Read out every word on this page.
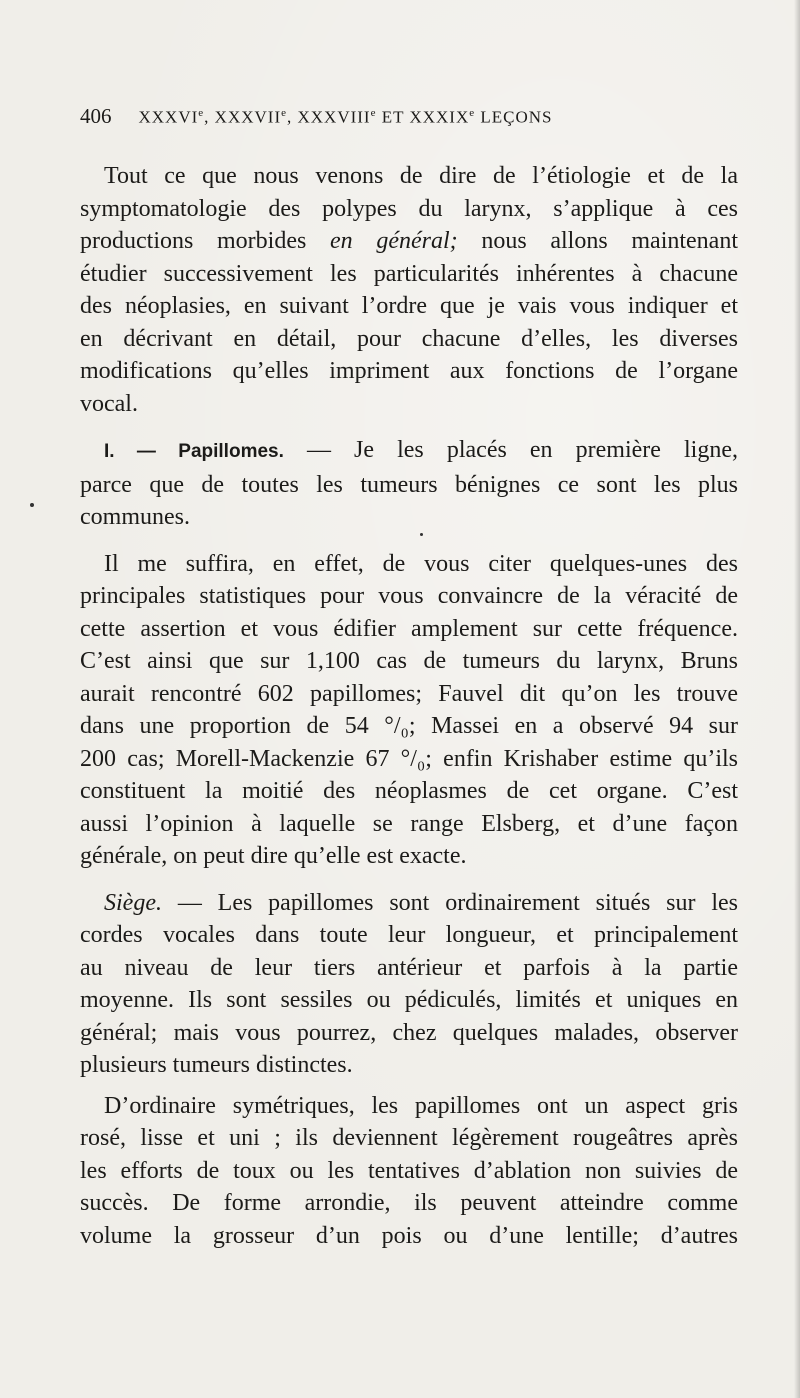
406 XXXVIe, XXXVIIe, XXXVIIIe ET XXXIXe LEÇONS
Tout ce que nous venons de dire de l’étiologie et de la
symptomatologie des polypes du larynx, s’applique à ces
productions morbides en général; nous allons maintenant
étudier successivement les particularités inhérentes à chacune
des néoplasies, en suivant l’ordre que je vais vous indiquer et
en décrivant en détail, pour chacune d’elles, les diverses
modifications qu’elles impriment aux fonctions de l’organe
vocal.
I. — Papillomes. — Je les placés en première ligne,
parce que de toutes les tumeurs bénignes ce sont les plus
communes.
Il me suffira, en effet, de vous citer quelques-unes des
principales statistiques pour vous convaincre de la véracité de
cette assertion et vous édifier amplement sur cette fréquence.
C’est ainsi que sur 1,100 cas de tumeurs du larynx, Bruns
aurait rencontré 602 papillomes; Fauvel dit qu’on les trouve
dans une proportion de 54 °/₀; Massei en a observé 94 sur
200 cas; Morell-Mackenzie 67 °/₀; enfin Krishaber estime qu’ils
constituent la moitié des néoplasmes de cet organe. C’est
aussi l’opinion à laquelle se range Elsberg, et d’une façon
générale, on peut dire qu’elle est exacte.
Siège. — Les papillomes sont ordinairement situés sur les
cordes vocales dans toute leur longueur, et principalement
au niveau de leur tiers antérieur et parfois à la partie
moyenne. Ils sont sessiles ou pédiculés, limités et uniques en
général; mais vous pourrez, chez quelques malades, observer
plusieurs tumeurs distinctes.
D’ordinaire symétriques, les papillomes ont un aspect gris
rosé, lisse et uni ; ils deviennent légèrement rougeâtres après
les efforts de toux ou les tentatives d’ablation non suivies de
succès. De forme arrondie, ils peuvent atteindre comme
volume la grosseur d’un pois ou d’une lentille; d’autres
